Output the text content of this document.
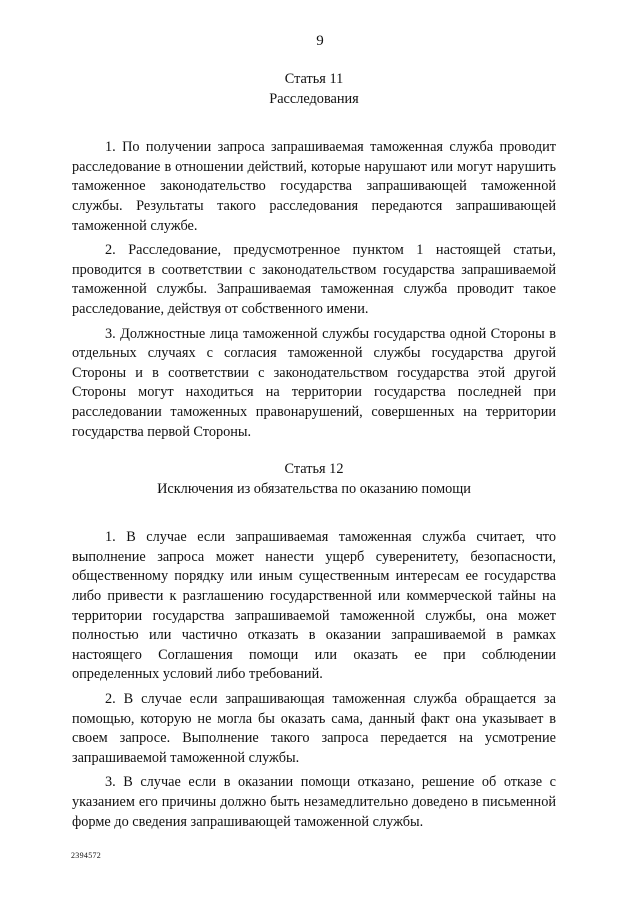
9

Статья 11

Расследования

1. По получении запроса запрашиваемая таможенная служба проводит расследование в отношении действий, которые нарушают или могут нарушить таможенное законодательство государства запрашивающей таможенной службы. Результаты такого расследования передаются запрашивающей таможенной службе.

2. Расследование, предусмотренное пунктом 1 настоящей статьи, проводится в соответствии с законодательством государства запрашиваемой таможенной службы. Запрашиваемая таможенная служба проводит такое расследование, действуя от собственного имени.

3. Должностные лица таможенной службы государства одной Стороны в отдельных случаях с согласия таможенной службы государства другой Стороны и в соответствии с законодательством государства этой другой Стороны могут находиться на территории государства последней при расследовании таможенных правонарушений, совершенных на территории государства первой Стороны.

Статья 12

Исключения из обязательства по оказанию помощи

1. В случае если запрашиваемая таможенная служба считает, что выполнение запроса может нанести ущерб суверенитету, безопасности, общественному порядку или иным существенным интересам ее государства либо привести к разглашению государственной или коммерческой тайны на территории государства запрашиваемой таможенной службы, она может полностью или частично отказать в оказании запрашиваемой в рамках настоящего Соглашения помощи или оказать ее при соблюдении определенных условий либо требований.

2. В случае если запрашивающая таможенная служба обращается за помощью, которую не могла бы оказать сама, данный факт она указывает в своем запросе. Выполнение такого запроса передается на усмотрение запрашиваемой таможенной службы.

3. В случае если в оказании помощи отказано, решение об отказе с указанием его причины должно быть незамедлительно доведено в письменной форме до сведения запрашивающей таможенной службы.

2394572
